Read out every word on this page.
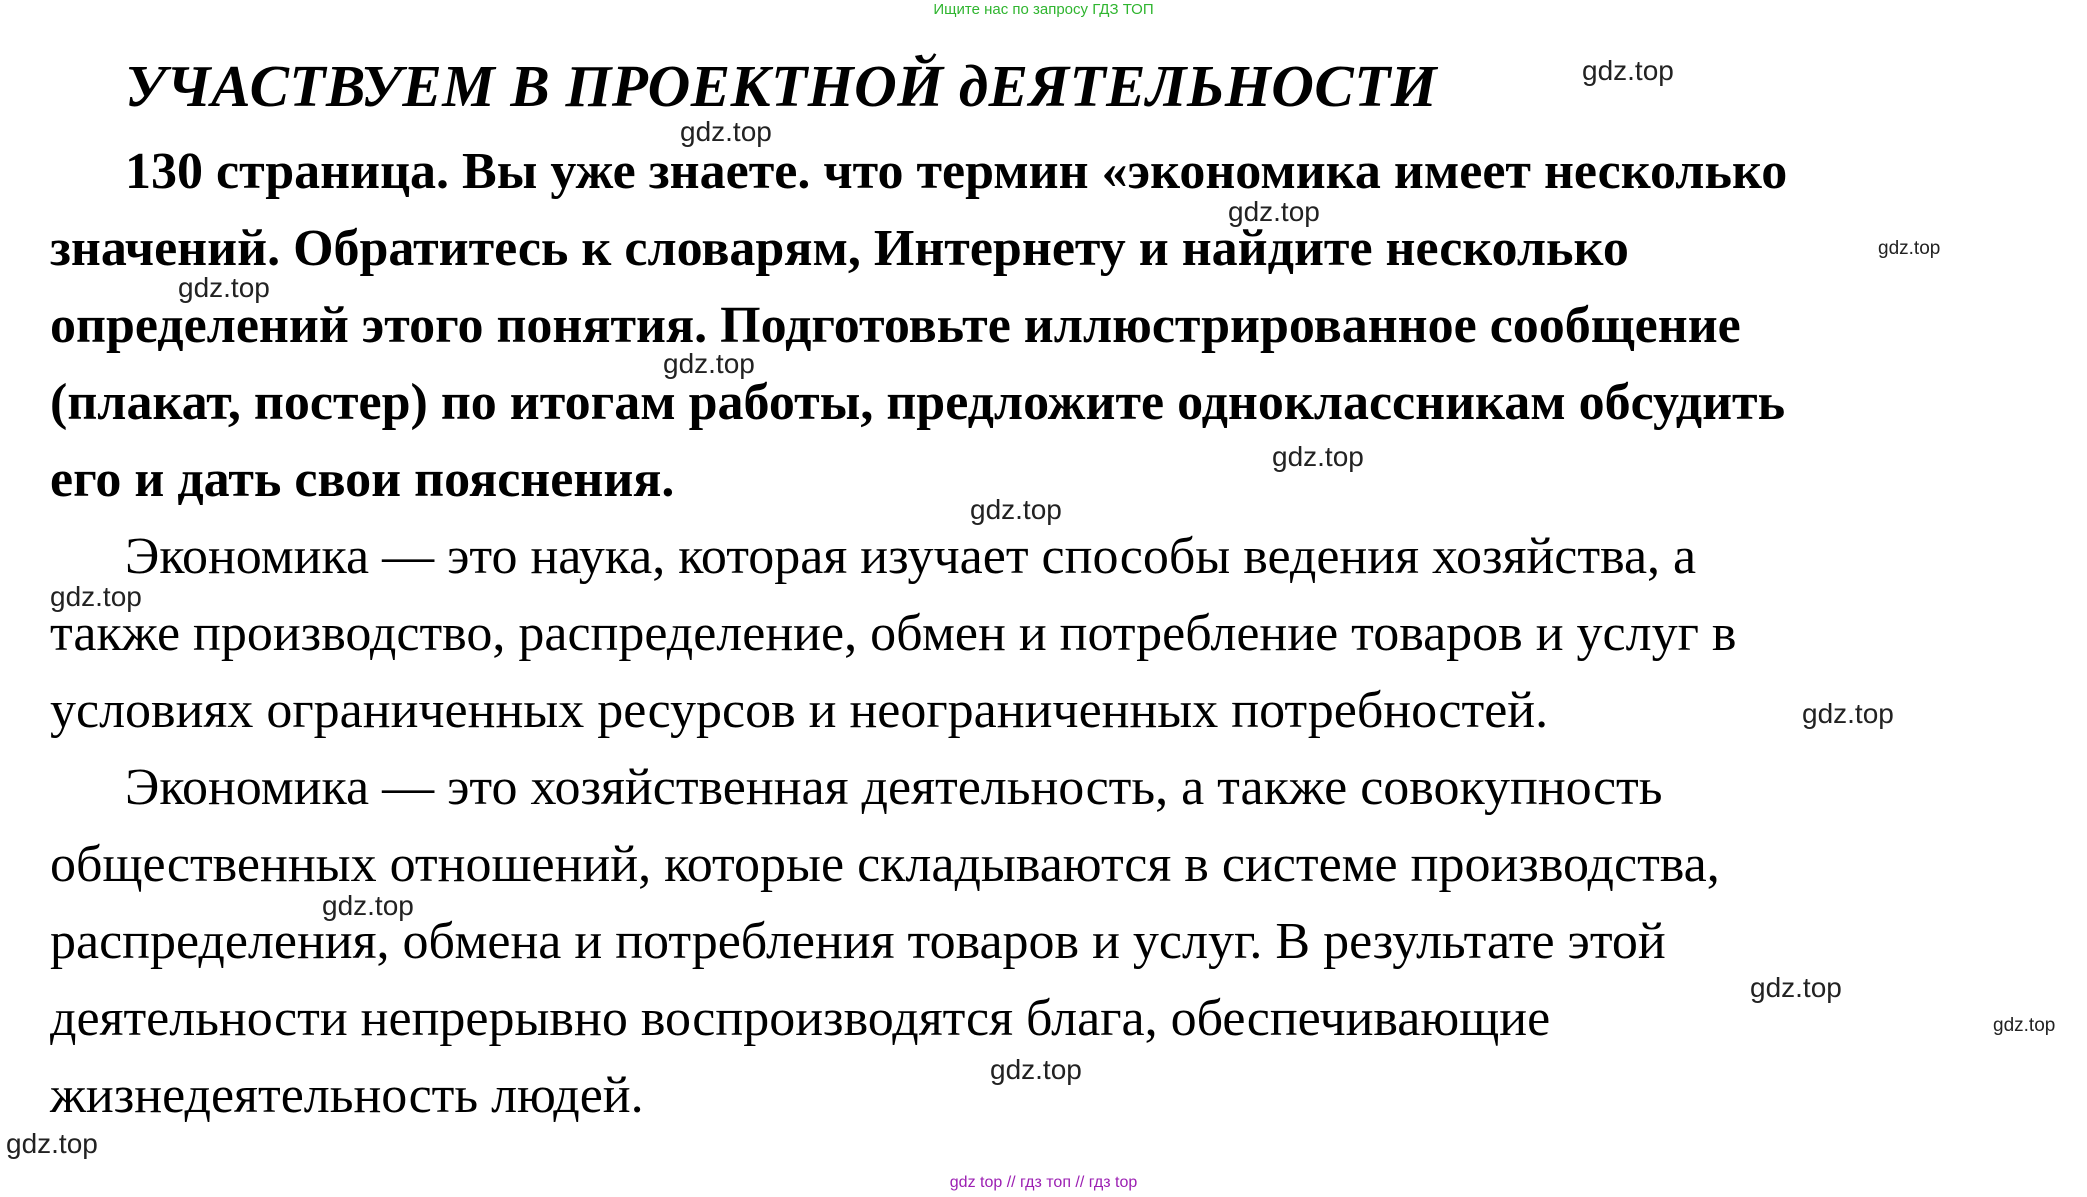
Ищите нас по запросу ГДЗ ТОП
УЧАСТВУЕМ В ПРОЕКТНОЙ дЕЯТЕЛЬНОСТИ
130 страница. Вы уже знаете. что термин «экономика имеет несколько
значений. Обратитесь к словарям, Интернету и найдите несколько
определений этого понятия. Подготовьте иллюстрированное сообщение
(плакат, постер) по итогам работы, предложите одноклассникам обсудить
его и дать свои пояснения.
Экономика — это наука, которая изучает способы ведения хозяйства, а
также производство, распределение, обмен и потребление товаров и услуг в
условиях ограниченных ресурсов и неограниченных потребностей.
Экономика — это хозяйственная деятельность, а также совокупность
общественных отношений, которые складываются в системе производства,
распределения, обмена и потребления товаров и услуг. В результате этой
деятельности непрерывно воспроизводятся блага, обеспечивающие
жизнедеятельность людей.
gdz.top
gdz.top
gdz.top
gdz.top
gdz.top
gdz.top
gdz.top
gdz.top
gdz.top
gdz.top
gdz.top
gdz.top
gdz.top
gdz.top
gdz.top
gdz top // гдз топ // гдз top
